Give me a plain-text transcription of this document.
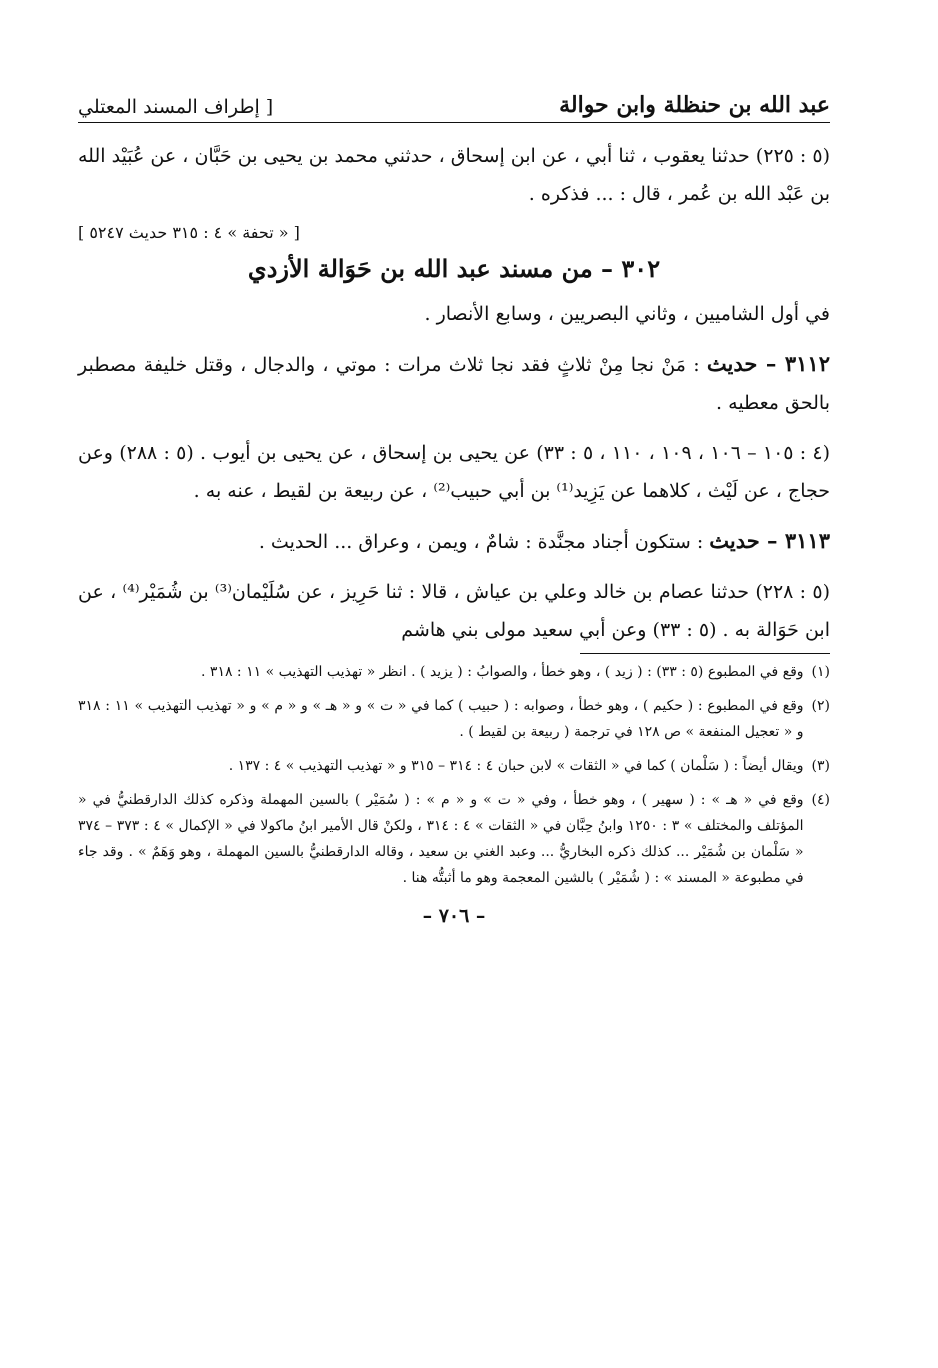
عبد الله بن حنظلة وابن حوالة
[ إطراف المسند المعتلي

(٥ : ٢٢٥) حدثنا يعقوب ، ثنا أبي ، عن ابن إسحاق ، حدثني محمد بن يحيى بن حَبَّان ، عن عُبَيْد الله بن عَبْد الله بن عُمر ، قال : ... فذكره .

[ « تحفة » ٤ : ٣١٥ حديث ٥٢٤٧ ]
٣٠٢ – من مسند عبد الله بن حَوَالة الأزدي

في أول الشاميين ، وثاني البصريين ، وسابع الأنصار .

٣١١٢ – حديث : مَنْ نجا مِنْ ثلاثٍ فقد نجا ثلاث مرات : موتي ، والدجال ، وقتل خليفة مصطبر بالحق معطيه .

(٤ : ١٠٥ – ١٠٦ ، ١٠٩ ، ١١٠ ، ٥ : ٣٣) عن يحيى بن إسحاق ، عن يحيى بن أيوب . (٥ : ٢٨٨) وعن حجاج ، عن لَيْث ، كلاهما عن يَزِيد⁽¹⁾ بن أبي حبيب⁽²⁾ ، عن ربيعة بن لقيط ، عنه به .

٣١١٣ – حديث : ستكون أجناد مجنَّدة : شامٌ ، ويمن ، وعراق ... الحديث .

(٥ : ٢٢٨) حدثنا عصام بن خالد وعلي بن عياش ، قالا : ثنا حَرِيز ، عن سُلَيْمان⁽³⁾ بن شُمَيْر⁽⁴⁾ ، عن ابن حَوَالة به . (٥ : ٣٣) وعن أبي سعيد مولى بني هاشم

(١)
وقع في المطبوع (٥ : ٣٣) : ( زيد ) ، وهو خطأ ، والصوابُ : ( يزيد ) . انظر « تهذيب التهذيب » ١١ : ٣١٨ .
(٢)
وقع في المطبوع : ( حكيم ) ، وهو خطأ ، وصوابه : ( حبيب ) كما في « ت » و « هـ » و « م » و « تهذيب التهذيب » ١١ : ٣١٨ و « تعجيل المنفعة » ص ١٢٨ في ترجمة ( ربيعة بن لقيط ) .
(٣)
ويقال أيضاً : ( سَلْمان ) كما في « الثقات » لابن حبان ٤ : ٣١٤ – ٣١٥ و « تهذيب التهذيب » ٤ : ١٣٧ .
(٤)
وقع في « هـ » : ( سهير ) ، وهو خطأ ، وفي « ت » و « م » : ( سُمَيْر ) بالسين المهملة وذكره كذلك الدارقطنيُّ في « المؤتلف والمختلف » ٣ : ١٢٥٠ وابنُ حِبَّان في « الثقات » ٤ : ٣١٤ ، ولكنْ قال الأمير ابنُ ماكولا في « الإكمال » ٤ : ٣٧٣ – ٣٧٤ « سَلْمان بن شُمَيْر ... كذلك ذكره البخاريُّ ... وعبد الغني بن سعيد ، وقاله الدارقطنيُّ بالسين المهملة ، وهو وَهَمٌ » . وقد جاء في مطبوعة « المسند » : ( شُمَيْر ) بالشين المعجمة وهو ما أثبتُّه هنا .
– ٧٠٦ –
